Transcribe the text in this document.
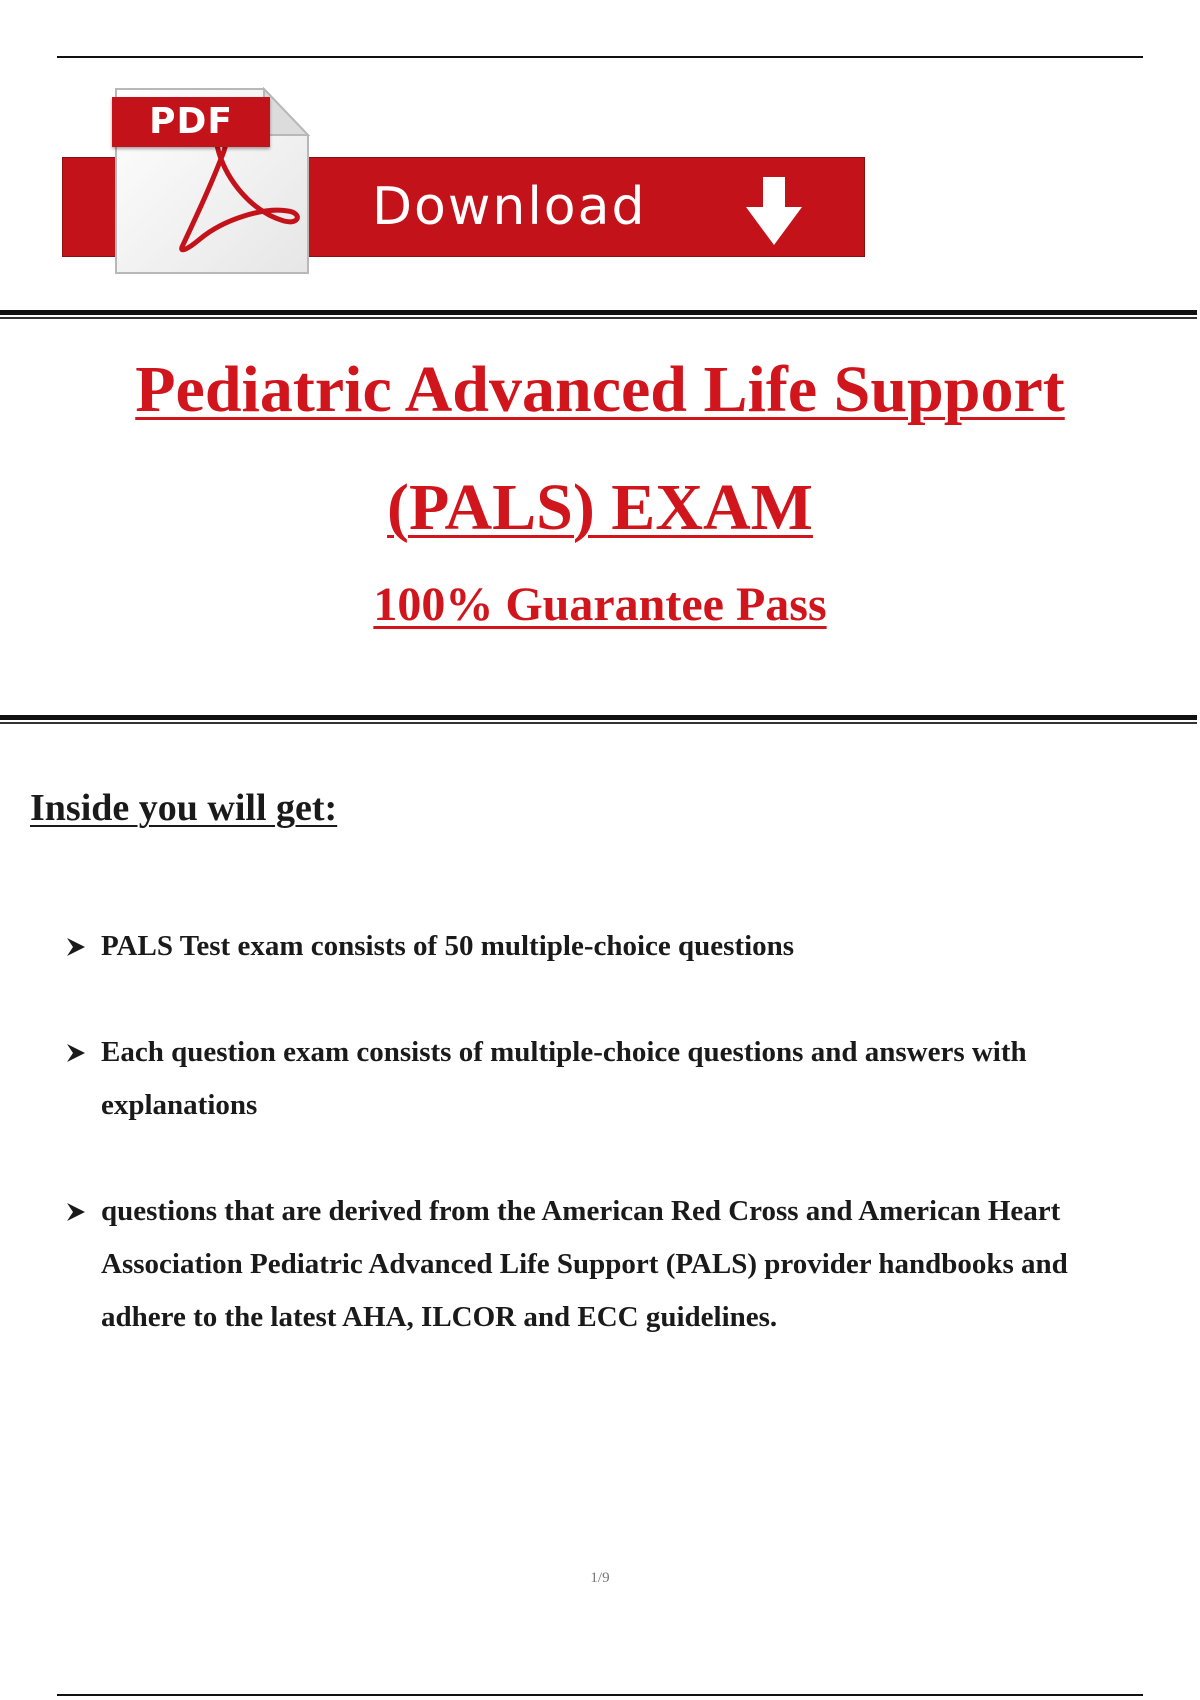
Download
PDF

Pediatric Advanced Life Support

(PALS) EXAM

100% Guarantee Pass

Inside you will get:
PALS Test exam consists of 50 multiple-choice questions
Each question exam consists of multiple-choice questions and answers with explanations
questions that are derived from the American Red Cross and American Heart Association Pediatric Advanced Life Support (PALS) provider handbooks and adhere to the latest AHA, ILCOR and ECC guidelines.
1/9
